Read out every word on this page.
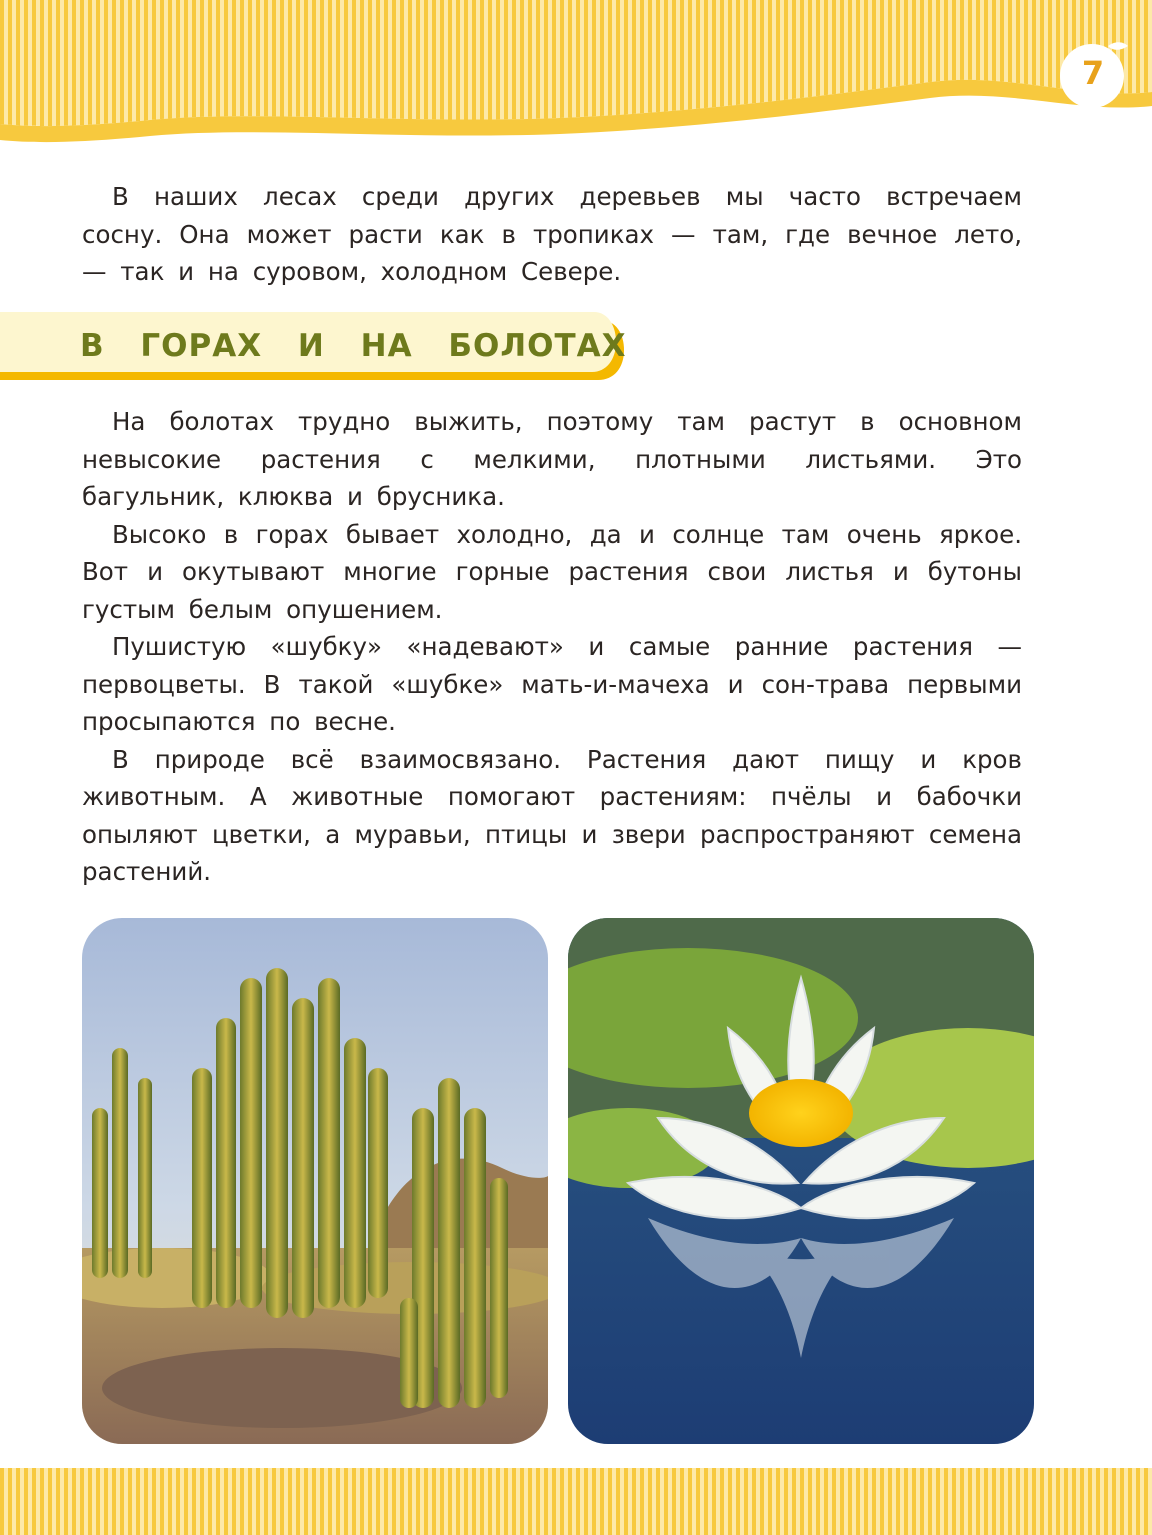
7

В наших лесах среди других деревьев мы часто встречаем сосну. Она может расти как в тропиках — там, где вечное лето, — так и на суровом, холодном Севере.

В ГОРАХ И НА БОЛОТАХ

На болотах трудно выжить, поэтому там растут в основном невысокие растения с мелкими, плотными листьями. Это багульник, клюква и брусника.

Высоко в горах бывает холодно, да и солнце там очень яркое. Вот и окутывают многие горные растения свои листья и бутоны густым белым опушением.

Пушистую «шубку» «надевают» и самые ранние растения — первоцветы. В такой «шубке» мать-и-мачеха и сон-трава первыми просыпаются по весне.

В природе всё взаимосвязано. Растения дают пищу и кров животным. А животные помогают растениям: пчёлы и бабочки опыляют цветки, а муравьи, птицы и звери распространяют семена растений.
